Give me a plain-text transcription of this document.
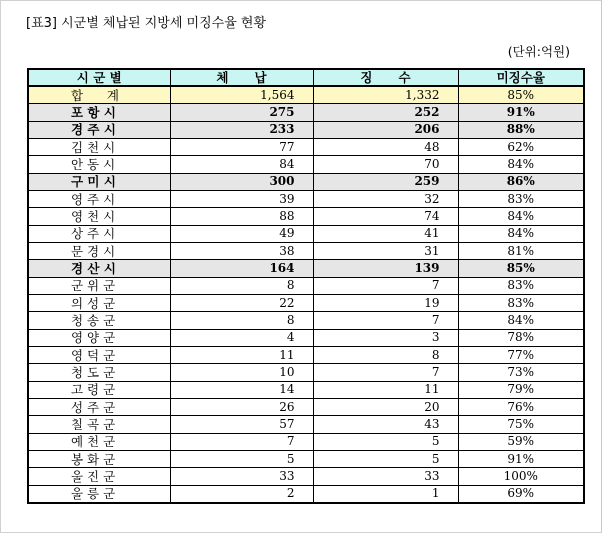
[표3] 시군별 체납된 지방세 미징수율 현황
(단위:억원)
시 군 별	체      납	징      수	미징수율
합      계	1,564	1,332	85%
포 항 시	275	252	91%
경 주 시	233	206	88%
김 천 시	77	48	62%
안 동 시	84	70	84%
구 미 시	300	259	86%
영 주 시	39	32	83%
영 천 시	88	74	84%
상 주 시	49	41	84%
문 경 시	38	31	81%
경 산 시	164	139	85%
군 위 군	8	7	83%
의 성 군	22	19	83%
청 송 군	8	7	84%
영 양 군	4	3	78%
영 덕 군	11	8	77%
청 도 군	10	7	73%
고 령 군	14	11	79%
성 주 군	26	20	76%
칠 곡 군	57	43	75%
예 천 군	7	5	59%
봉 화 군	5	5	91%
울 진 군	33	33	100%
울 릉 군	2	1	69%
